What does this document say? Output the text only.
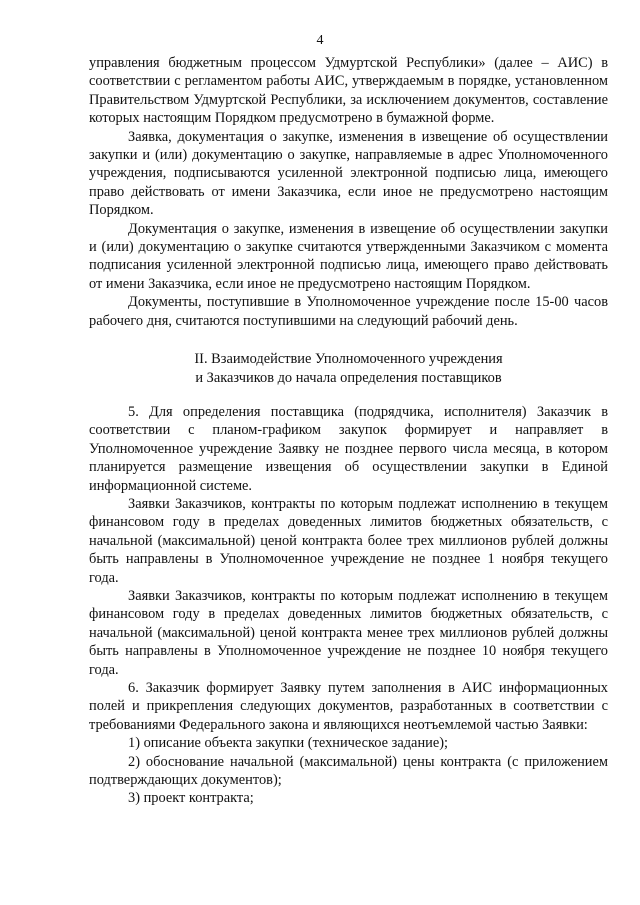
4

управления бюджетным процессом Удмуртской Республики» (далее – АИС) в соответствии с регламентом работы АИС, утверждаемым в порядке, установленном Правительством Удмуртской Республики, за исключением документов, составление которых настоящим Порядком предусмотрено в бумажной форме.

Заявка, документация о закупке, изменения в извещение об осуществлении закупки и (или) документацию о закупке, направляемые в адрес Уполномоченного учреждения, подписываются усиленной электронной подписью лица, имеющего право действовать от имени Заказчика, если иное не предусмотрено настоящим Порядком.

Документация о закупке, изменения в извещение об осуществлении закупки и (или) документацию о закупке считаются утвержденными Заказчиком с момента подписания усиленной электронной подписью лица, имеющего право действовать от имени Заказчика, если иное не предусмотрено настоящим Порядком.

Документы, поступившие в Уполномоченное учреждение после 15-00 часов рабочего дня, считаются поступившими на следующий рабочий день.

II. Взаимодействие Уполномоченного учреждения

и Заказчиков до начала определения поставщиков

5. Для определения поставщика (подрядчика, исполнителя) Заказчик в соответствии с планом-графиком закупок формирует и направляет в Уполномоченное учреждение Заявку не позднее первого числа месяца, в котором планируется размещение извещения об осуществлении закупки в Единой информационной системе.

Заявки Заказчиков, контракты по которым подлежат исполнению в текущем финансовом году в пределах доведенных лимитов бюджетных обязательств, с начальной (максимальной) ценой контракта более трех миллионов рублей должны быть направлены в Уполномоченное учреждение не позднее 1 ноября текущего года.

Заявки Заказчиков, контракты по которым подлежат исполнению в текущем финансовом году в пределах доведенных лимитов бюджетных обязательств, с начальной (максимальной) ценой контракта менее трех миллионов рублей должны быть направлены в Уполномоченное учреждение не позднее 10 ноября текущего года.

6. Заказчик формирует Заявку путем заполнения в АИС информационных полей и прикрепления следующих документов, разработанных в соответствии с требованиями Федерального закона и являющихся неотъемлемой частью Заявки:

1) описание объекта закупки (техническое задание);

2) обоснование начальной (максимальной) цены контракта (с приложением подтверждающих документов);

3) проект контракта;
